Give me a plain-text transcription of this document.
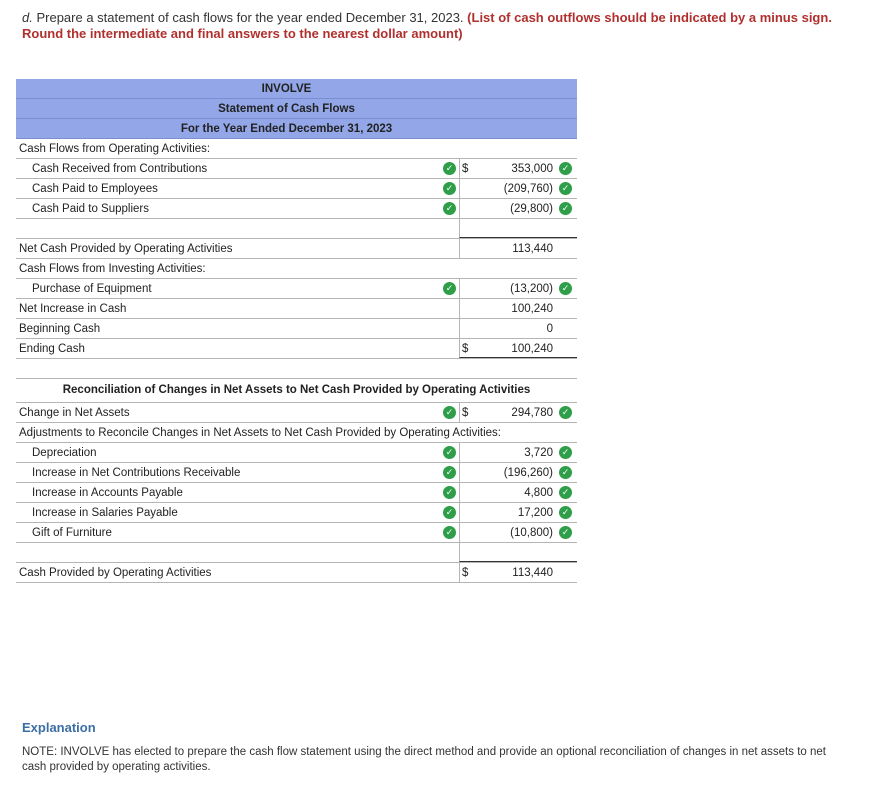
d. Prepare a statement of cash flows for the year ended December 31, 2023. (List of cash outflows should be indicated by a minus sign. Round the intermediate and final answers to the nearest dollar amount)
INVOLVE
Statement of Cash Flows
For the Year Ended December 31, 2023
Cash Flows from Operating Activities:
Cash Received from Contributions	✓ $	353,000 ✓
Cash Paid to Employees	✓	(209,760) ✓
Cash Paid to Suppliers	✓	(29,800) ✓
Net Cash Provided by Operating Activities	113,440
Cash Flows from Investing Activities:
Purchase of Equipment	✓	(13,200) ✓
Net Increase in Cash	100,240
Beginning Cash	0
Ending Cash	$	100,240
Reconciliation of Changes in Net Assets to Net Cash Provided by Operating Activities
Change in Net Assets	✓ $	294,780 ✓
Adjustments to Reconcile Changes in Net Assets to Net Cash Provided by Operating Activities:
Depreciation	✓	3,720 ✓
Increase in Net Contributions Receivable	✓	(196,260) ✓
Increase in Accounts Payable	✓	4,800 ✓
Increase in Salaries Payable	✓	17,200 ✓
Gift of Furniture	✓	(10,800) ✓
Cash Provided by Operating Activities	$	113,440
Explanation
NOTE: INVOLVE has elected to prepare the cash flow statement using the direct method and provide an optional reconciliation of changes in net assets to net cash provided by operating activities.
